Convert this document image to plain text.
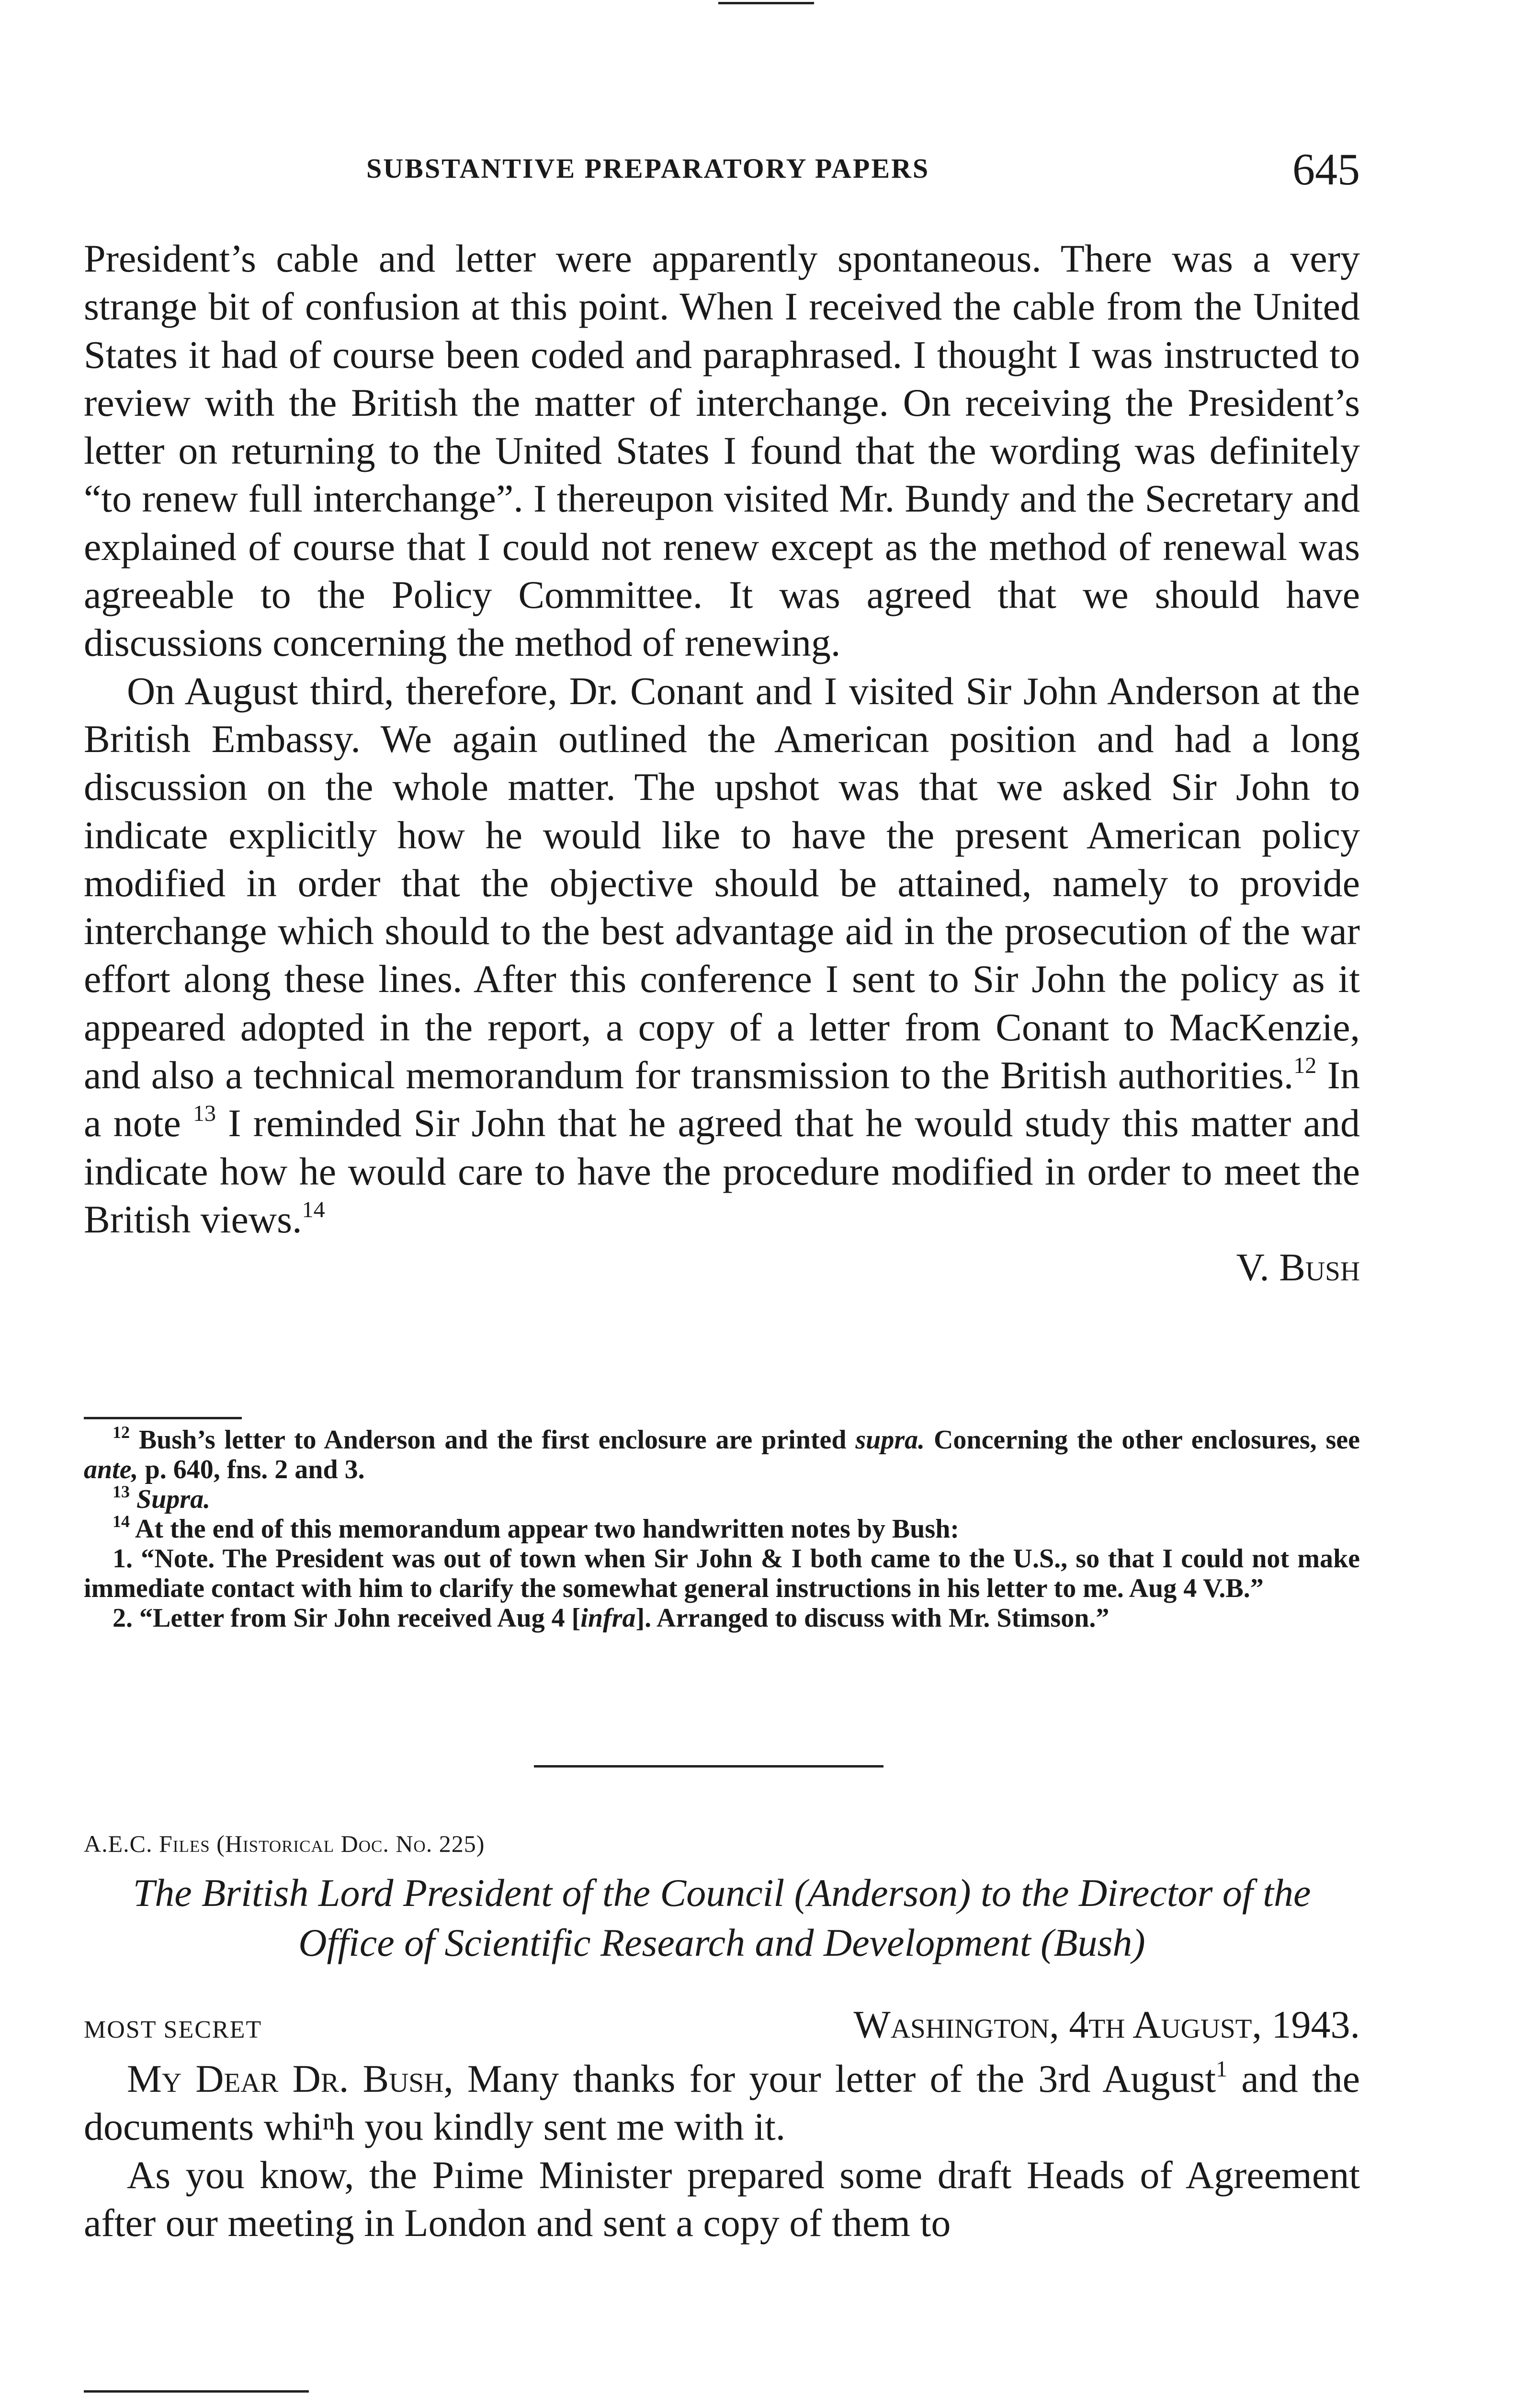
SUBSTANTIVE PREPARATORY PAPERS	645

President’s cable and letter were apparently spontaneous. There was a very strange bit of confusion at this point. When I received the cable from the United States it had of course been coded and paraphrased. I thought I was instructed to review with the British the matter of interchange. On receiving the President’s letter on returning to the United States I found that the wording was definitely “to renew full interchange”. I thereupon visited Mr. Bundy and the Secretary and explained of course that I could not renew except as the method of renewal was agreeable to the Policy Committee. It was agreed that we should have discussions concerning the method of renewing.

On August third, therefore, Dr. Conant and I visited Sir John Anderson at the British Embassy. We again outlined the American position and had a long discussion on the whole matter. The upshot was that we asked Sir John to indicate explicitly how he would like to have the present American policy modified in order that the objective should be attained, namely to provide interchange which should to the best advantage aid in the prosecution of the war effort along these lines. After this conference I sent to Sir John the policy as it appeared adopted in the report, a copy of a letter from Conant to MacKenzie, and also a technical memorandum for transmission to the British authorities.$^{12}$ In a note $^{13}$ I reminded Sir John that he agreed that he would study this matter and indicate how he would care to have the procedure modified in order to meet the British views.$^{14}$

V. Bush

$^{12}$ Bush’s letter to Anderson and the first enclosure are printed supra. Concerning the other enclosures, see ante, p. 640, fns. 2 and 3.

$^{13}$ Supra.

$^{14}$ At the end of this memorandum appear two handwritten notes by Bush:

1. “Note. The President was out of town when Sir John & I both came to the U.S., so that I could not make immediate contact with him to clarify the somewhat general instructions in his letter to me. Aug 4 V.B.”

2. “Letter from Sir John received Aug 4 [infra]. Arranged to discuss with Mr. Stimson.”

A.E.C. Files (Historical Doc. No. 225)
The British Lord President of the Council (Anderson) to the Director of the Office of Scientific Research and Development (Bush)
MOST SECRET	Washington, 4th August, 1943.

My Dear Dr. Bush, Many thanks for your letter of the 3rd August$^1$ and the documents whiⁿh you kindly sent me with it.

As you know, the Pıime Minister prepared some draft Heads of Agreement after our meeting in London and sent a copy of them to
